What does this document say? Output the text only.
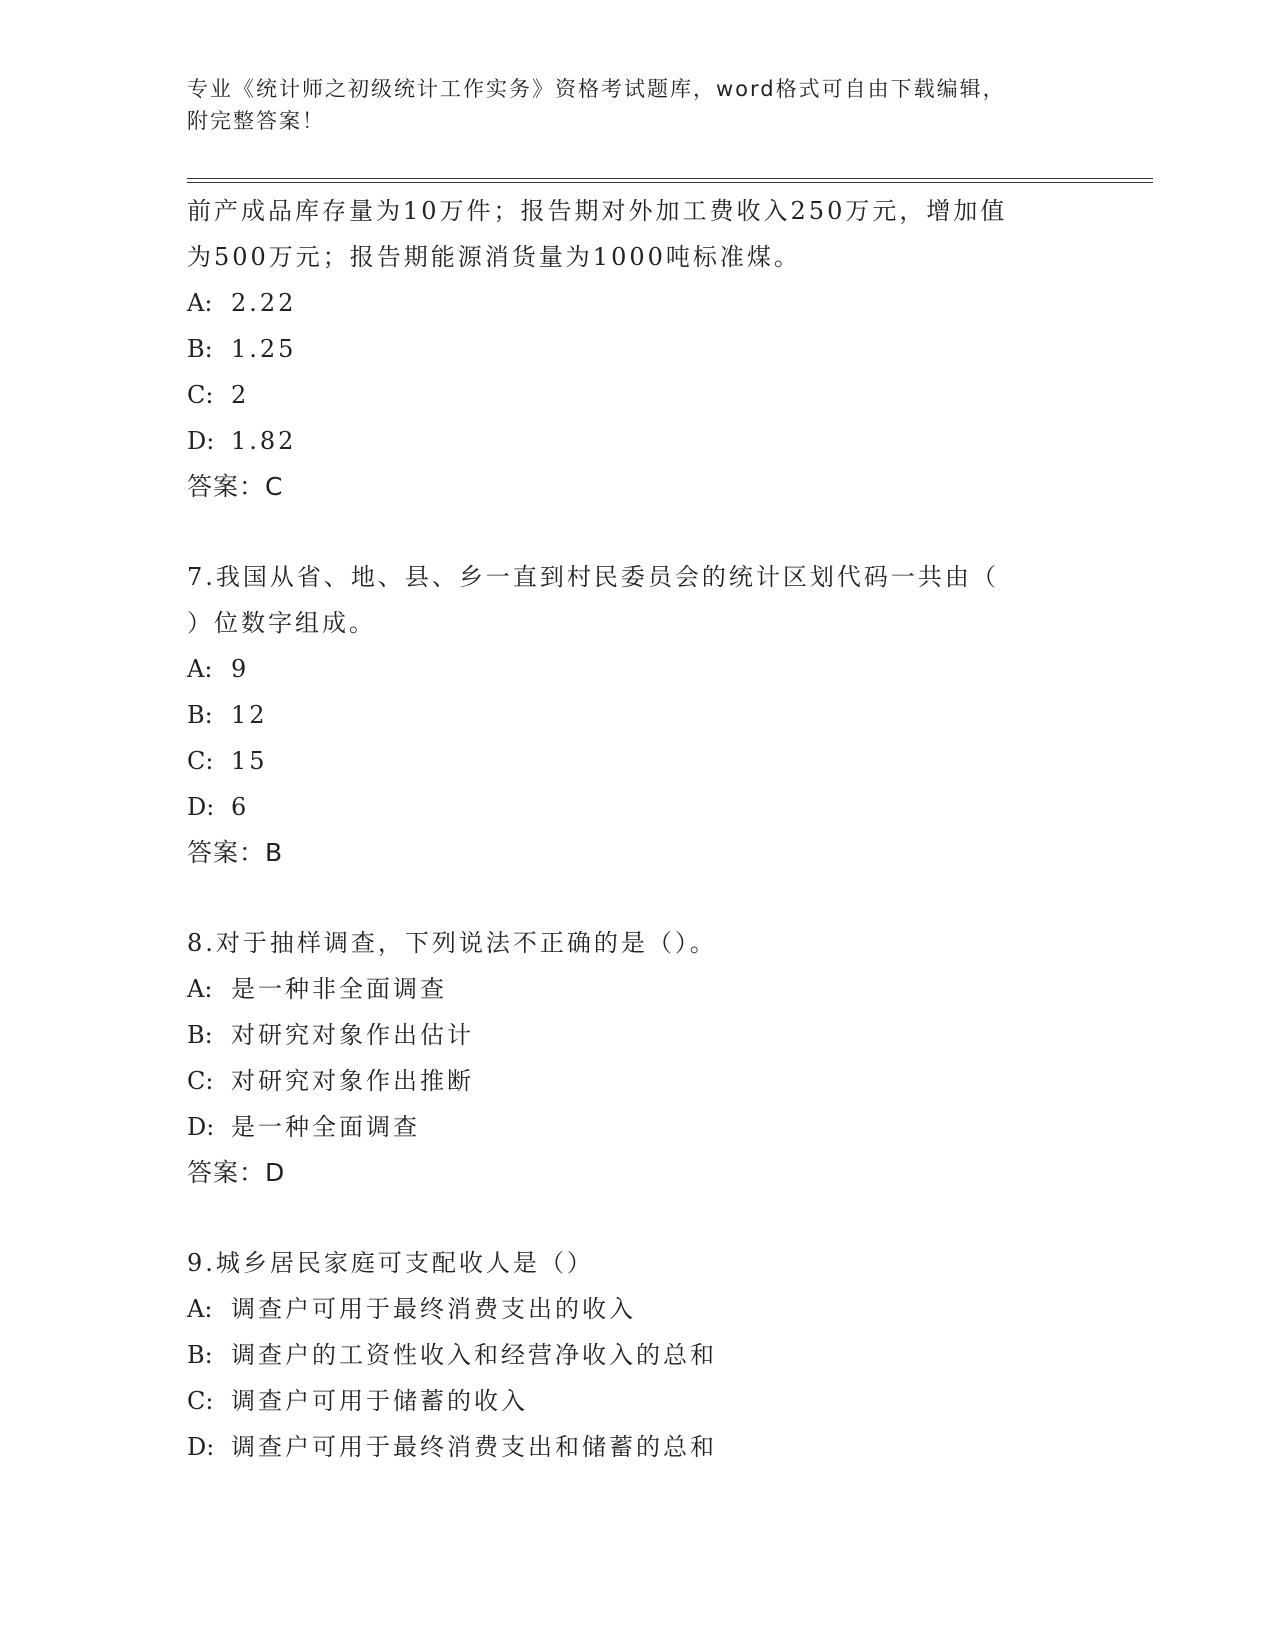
专业《统计师之初级统计工作实务》资格考试题库，word格式可自由下载编辑，
附完整答案！
前产成品库存量为10万件；报告期对外加工费收入250万元，增加值
为500万元；报告期能源消货量为1000吨标准煤。
A: 2.22
B: 1.25
C: 2
D: 1.82
答案：C
7.我国从省、地、县、乡一直到村民委员会的统计区划代码一共由（
）位数字组成。
A: 9
B: 12
C: 15
D: 6
答案：B
8.对于抽样调查，下列说法不正确的是（）。
A: 是一种非全面调查
B: 对研究对象作出估计
C: 对研究对象作出推断
D: 是一种全面调查
答案：D
9.城乡居民家庭可支配收人是（）
A: 调查户可用于最终消费支出的收入
B: 调查户的工资性收入和经营净收入的总和
C: 调查户可用于储蓄的收入
D: 调查户可用于最终消费支出和储蓄的总和
